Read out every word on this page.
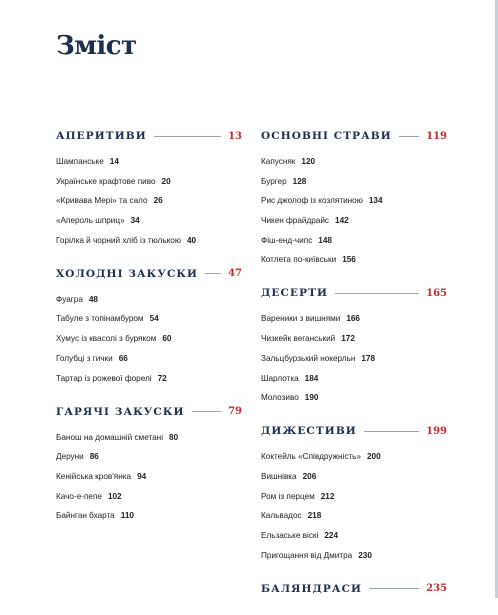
Зміст
АПЕРИТИВИ	13
Шампанське 14
Українське крафтове пиво 20
«Кривава Мері» та сало 26
«Апероль шприц» 34
Горілка й чорний хліб із тюлькою 40
ХОЛОДНІ ЗАКУСКИ	47
Фуагра 48
Табуле з топінамбуром 54
Хумус із квасолі з буряком 60
Голубці з гички 66
Тартар із рожевої форелі 72
ГАРЯЧІ ЗАКУСКИ	79
Банош на домашній сметані 80
Деруни 86
Кенійська кров'янка 94
Качо-е-пепе 102
Байнган бхарта 110
ОСНОВНІ СТРАВИ	119
Капусняк 120
Бургер 128
Рис джолоф із козлятиною 134
Чикен фрайдрайс 142
Фіш-енд-чипс 148
Котлета по-київськи 156
ДЕСЕРТИ	165
Вареники з вишнями 166
Чизкейк веганський 172
Зальцбурзький нокерльн 178
Шарлотка 184
Молозиво 190
ДИЖЕСТИВИ	199
Коктейль «Співдружність» 200
Вишнівка 206
Ром із перцем 212
Кальвадос 218
Ельзаське віскі 224
Пригощання від Дмитра 230
БАЛЯНДРАСИ	235
